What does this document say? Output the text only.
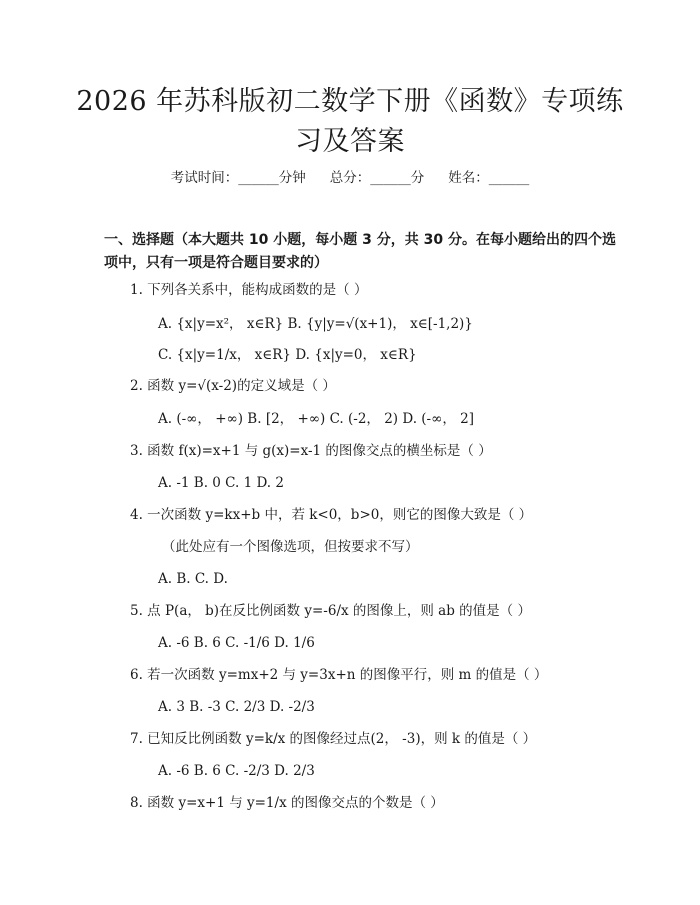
2026 年苏科版初二数学下册《函数》专项练
习及答案
考试时间：______分钟 总分：______分 姓名：______
一、选择题（本大题共 10 小题，每小题 3 分，共 30 分。在每小题给出的四个选项中，只有一项是符合题目要求的）
1. 下列各关系中，能构成函数的是（ ）
A. {x|y=x²， x∈R} B. {y|y=√(x+1)， x∈[-1,2)}
C. {x|y=1/x， x∈R} D. {x|y=0， x∈R}
2. 函数 y=√(x-2)的定义域是（ ）
A. (-∞， +∞) B. [2， +∞) C. (-2， 2) D. (-∞， 2]
3. 函数 f(x)=x+1 与 g(x)=x-1 的图像交点的横坐标是（ ）
A. -1 B. 0 C. 1 D. 2
4. 一次函数 y=kx+b 中，若 k<0，b>0，则它的图像大致是（ ）
（此处应有一个图像选项，但按要求不写）
A. B. C. D.
5. 点 P(a， b)在反比例函数 y=-6/x 的图像上，则 ab 的值是（ ）
A. -6 B. 6 C. -1/6 D. 1/6
6. 若一次函数 y=mx+2 与 y=3x+n 的图像平行，则 m 的值是（ ）
A. 3 B. -3 C. 2/3 D. -2/3
7. 已知反比例函数 y=k/x 的图像经过点(2， -3)，则 k 的值是（ ）
A. -6 B. 6 C. -2/3 D. 2/3
8. 函数 y=x+1 与 y=1/x 的图像交点的个数是（ ）
